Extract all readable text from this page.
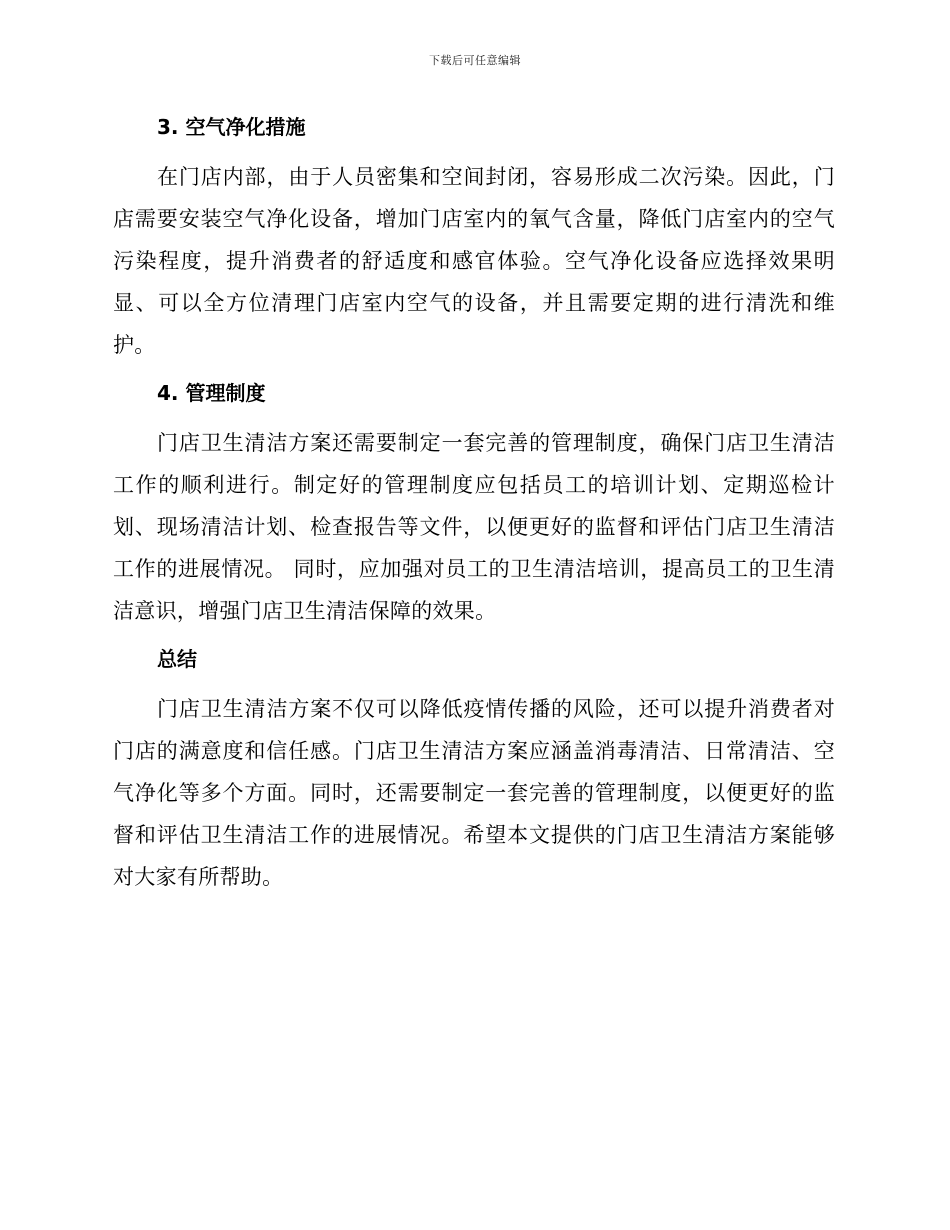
下载后可任意编辑
3. 空气净化措施

在门店内部，由于人员密集和空间封闭，容易形成二次污染。因此，门店需要安装空气净化设备，增加门店室内的氧气含量，降低门店室内的空气污染程度，提升消费者的舒适度和感官体验。空气净化设备应选择效果明显、可以全方位清理门店室内空气的设备，并且需要定期的进行清洗和维护。

4. 管理制度

门店卫生清洁方案还需要制定一套完善的管理制度，确保门店卫生清洁工作的顺利进行。制定好的管理制度应包括员工的培训计划、定期巡检计划、现场清洁计划、检查报告等文件，以便更好的监督和评估门店卫生清洁工作的进展情况。 同时，应加强对员工的卫生清洁培训，提高员工的卫生清洁意识，增强门店卫生清洁保障的效果。

总结

门店卫生清洁方案不仅可以降低疫情传播的风险，还可以提升消费者对门店的满意度和信任感。门店卫生清洁方案应涵盖消毒清洁、日常清洁、空气净化等多个方面。同时，还需要制定一套完善的管理制度，以便更好的监督和评估卫生清洁工作的进展情况。希望本文提供的门店卫生清洁方案能够对大家有所帮助。
